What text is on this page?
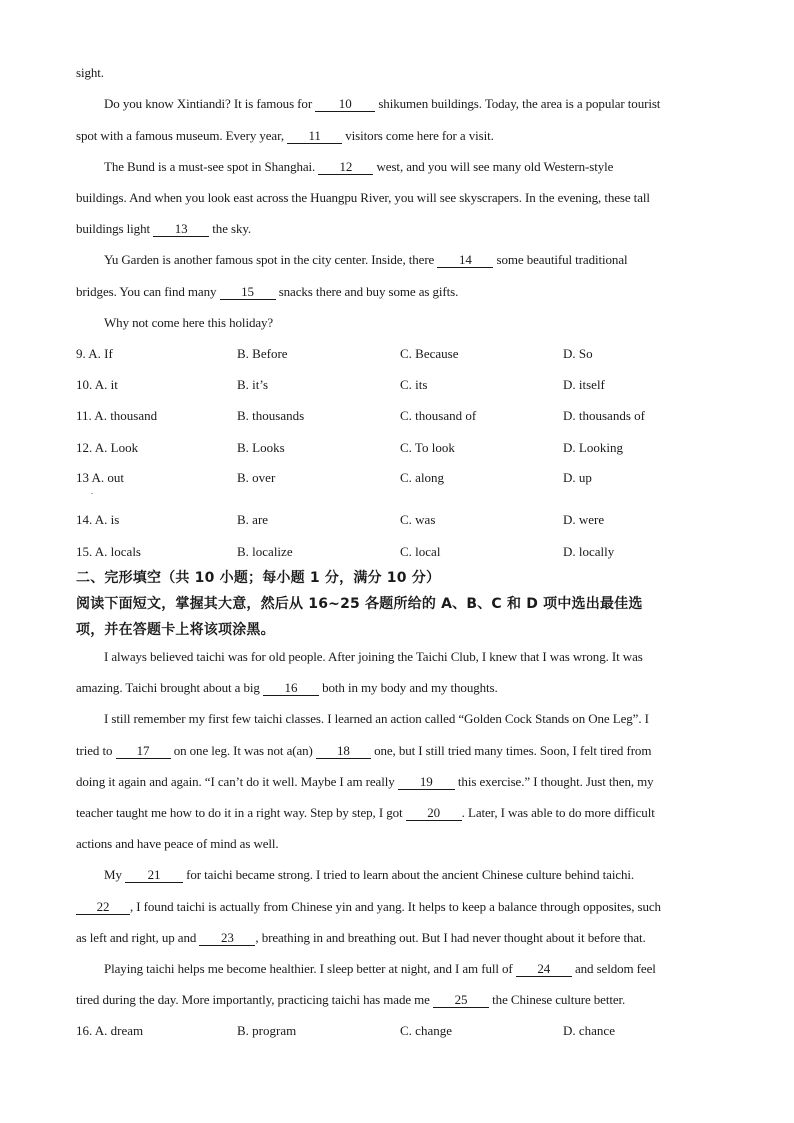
sight.
Do you know Xintiandi? It is famous for 10 shikumen buildings. Today, the area is a popular tourist
spot with a famous museum. Every year, 11 visitors come here for a visit.
The Bund is a must-see spot in Shanghai. 12 west, and you will see many old Western-style
buildings. And when you look east across the Huangpu River, you will see skyscrapers. In the evening, these tall
buildings light 13 the sky.
Yu Garden is another famous spot in the city center. Inside, there 14 some beautiful traditional
bridges. You can find many 15 snacks there and buy some as gifts.
Why not come here this holiday?
9. A. If	B. Before	C. Because	D. So
10. A. it	B. it’s	C. its	D. itself
11. A. thousand	B. thousands	C. thousand of	D. thousands of
12. A. Look	B. Looks	C. To look	D. Looking
13 A. out	B. over	C. along	D. up
.
14. A. is	B. are	C. was	D. were
15. A. locals	B. localize	C. local	D. locally
二、完形填空（共 10 小题；每小题 1 分，满分 10 分）
阅读下面短文，掌握其大意，然后从 16~25 各题所给的 A、B、C 和 D 项中选出最佳选
项，并在答题卡上将该项涂黑。
I always believed taichi was for old people. After joining the Taichi Club, I knew that I was wrong. It was
amazing. Taichi brought about a big 16 both in my body and my thoughts.
I still remember my first few taichi classes. I learned an action called “Golden Cock Stands on One Leg”. I
tried to 17 on one leg. It was not a(an) 18 one, but I still tried many times. Soon, I felt tired from
doing it again and again. “I can’t do it well. Maybe I am really 19 this exercise.” I thought. Just then, my
teacher taught me how to do it in a right way. Step by step, I got 20 . Later, I was able to do more difficult
actions and have peace of mind as well.
My 21 for taichi became strong. I tried to learn about the ancient Chinese culture behind taichi.
22 , I found taichi is actually from Chinese yin and yang. It helps to keep a balance through opposites, such
as left and right, up and 23 , breathing in and breathing out. But I had never thought about it before that.
Playing taichi helps me become healthier. I sleep better at night, and I am full of 24 and seldom feel
tired during the day. More importantly, practicing taichi has made me 25 the Chinese culture better.
16. A. dream	B. program	C. change	D. chance
